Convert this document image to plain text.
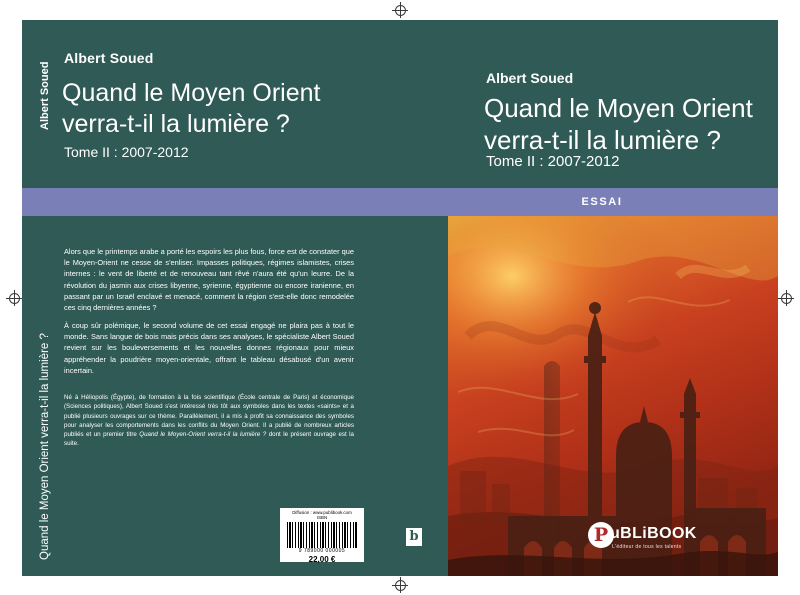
ESSAI
Albert Soued
Quand le Moyen Orient verra-t-il la lumière ?
Tome II : 2007-2012
Alors que le printemps arabe a porté les espoirs les plus fous, force est de constater que le Moyen-Orient ne cesse de s'enliser. Impasses politiques, régimes islamistes, crises internes : le vent de liberté et de renouveau tant rêvé n'aura été qu'un leurre. De la révolution du jasmin aux crises libyenne, syrienne, égyptienne ou encore iranienne, en passant par un Israël enclavé et menacé, comment la région s'est-elle donc remodelée ces cinq dernières années ?
À coup sûr polémique, le second volume de cet essai engagé ne plaira pas à tout le monde. Sans langue de bois mais précis dans ses analyses, le spécialiste Albert Soued revient sur les bouleversements et les nouvelles donnes régionaux pour mieux appréhender la poudrière moyen-orientale, offrant le tableau désabusé d'un avenir incertain.
Né à Héliopolis (Égypte), de formation à la fois scientifique (École centrale de Paris) et économique (Sciences politiques), Albert Soued s'est intéressé très tôt aux symboles dans les textes «saints» et a publié plusieurs ouvrages sur ce thème. Parallèlement, il a mis à profit sa connaissance des symboles pour analyser les comportements dans les conflits du Moyen Orient. Il a publié de nombreux articles publiés et un premier titre Quand le Moyen-Orient verra-t-il la lumière ? dont le présent ouvrage est la suite.
Diffusion : www.publibook.com
ISBN
9 789000 000005
22,00 €
b
Albert Soued
Quand le Moyen Orient verra-t-il la lumière ?
Albert Soued
Quand le Moyen Orient verra-t-il la lumière ?
Tome II : 2007-2012
P uBLiBOOK
L'éditeur de tous les talents
